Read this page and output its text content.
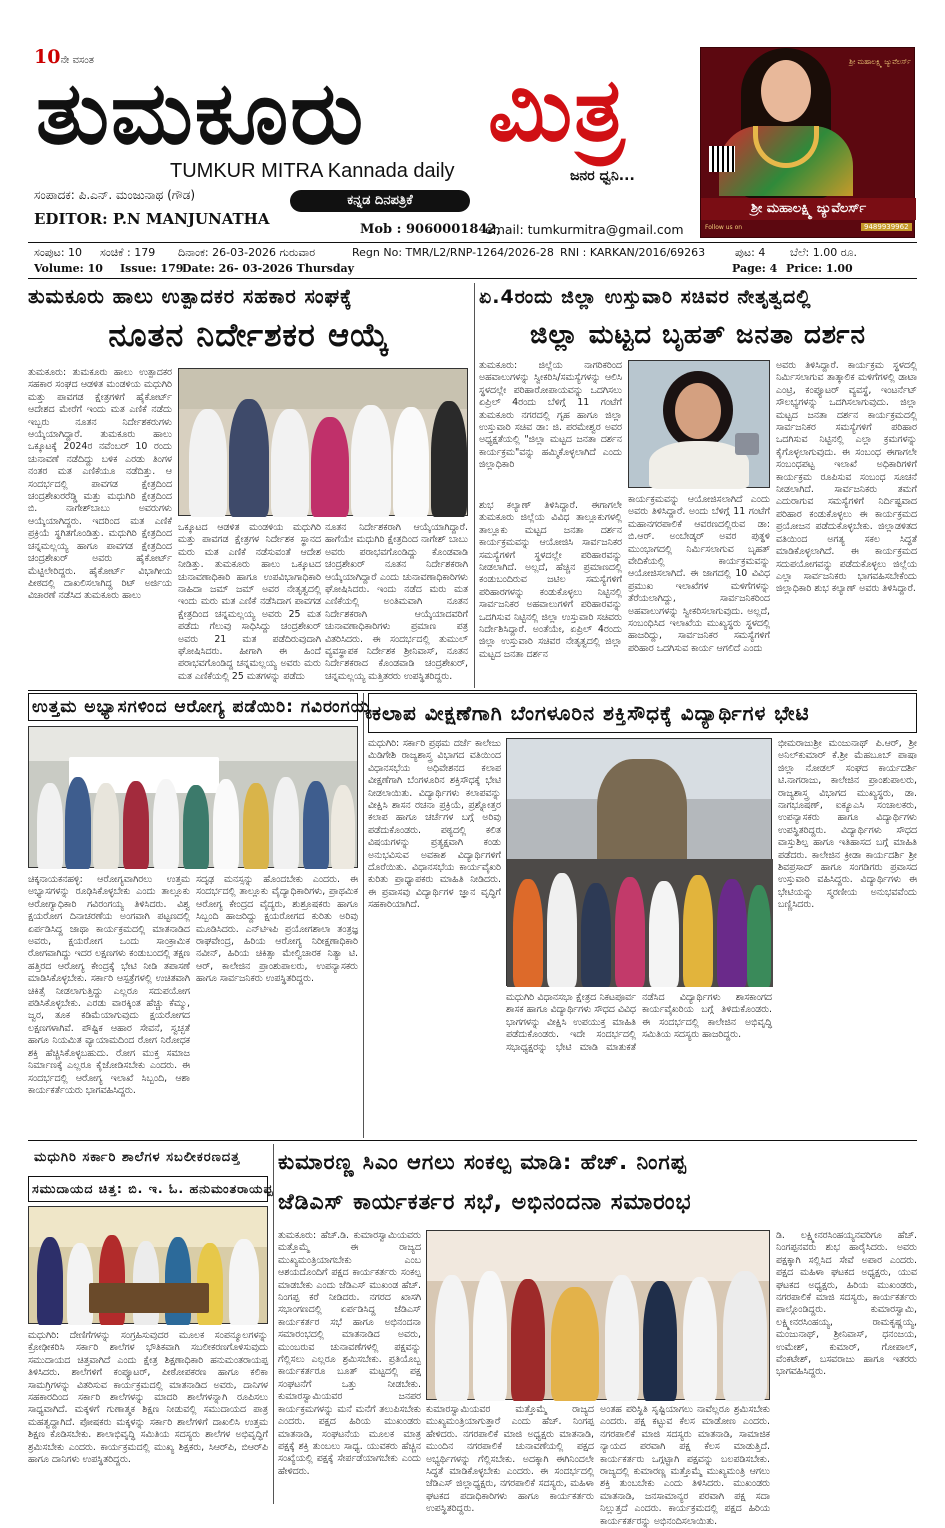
10ನೇ ವಸಂತ
ತುಮಕೂರು	ಮಿತ್ರ
TUMKUR MITRA Kannada daily	ಜನರ ಧ್ವನಿ...
ಸಂಪಾದಕ: ಪಿ.ಎನ್. ಮಂಜುನಾಥ (ಗೌಡ)
EDITOR: P.N MANJUNATHA
ಕನ್ನಡ ದಿನಪತ್ರಿಕೆ
Mob : 9060001842,
email: tumkurmitra@gmail.com
ಶ್ರೀ ಮಹಾಲಕ್ಷ್ಮಿ ಜ್ಯುವೆಲರ್ಸ್
ಶ್ರೀ ಮಹಾಲಕ್ಷ್ಮಿ ಜ್ಯುವೆಲರ್ಸ್
Follow us on	9489939962
ಸಂಪುಟ: 10 ಸಂಚಿಕೆ : 179 ದಿನಾಂಕ: 26-03-2026 ಗುರುವಾರ	Regn No: TMR/L2/RNP-1264/2026-28 RNI : KARKAN/2016/69263	ಪುಟ: 4 ಬೆಲೆ: 1.00 ರೂ.
Volume: 10 Issue: 179
Date: 26- 03-2026 Thursday	Page: 4 Price: 1.00
ತುಮಕೂರು ಹಾಲು ಉತ್ಪಾದಕರ ಸಹಕಾರ ಸಂಘಕ್ಕೆ
ನೂತನ ನಿರ್ದೇಶಕರ ಆಯ್ಕೆ
ತುಮಕೂರು: ತುಮಕೂರು ಹಾಲು ಉತ್ಪಾದಕರ ಸಹಕಾರ ಸಂಘದ ಆಡಳಿತ ಮಂಡಳಿಯ ಮಧುಗಿರಿ ಮತ್ತು ಪಾವಗಡ ಕ್ಷೇತ್ರಗಳಿಗೆ ಹೈಕೋರ್ಟ್ ಆದೇಶದ ಮೇರೆಗೆ ಇಂದು ಮತ ಎಣಿಕೆ ನಡೆದು ಇಬ್ಬರು ನೂತನ ನಿರ್ದೇಶಕರುಗಳು ಆಯ್ಕೆಯಾಗಿದ್ದಾರೆ. ತುಮಕೂರು ಹಾಲು ಒಕ್ಕೂಟಕ್ಕೆ 2024ರ ನವೆಂಬರ್ 10 ರಂದು ಚುನಾವಣೆ ನಡೆದಿದ್ದು ಬಳಿಕ ಎರಡು ತಿಂಗಳ ನಂತರ ಮತ ಎಣಿಕೆಯೂ ನಡೆದಿತ್ತು. ಆ ಸಂದರ್ಭದಲ್ಲಿ ಪಾವಗಡ ಕ್ಷೇತ್ರದಿಂದ ಚಂದ್ರಶೇಖರರೆಡ್ಡಿ ಮತ್ತು ಮಧುಗಿರಿ ಕ್ಷೇತ್ರದಿಂದ ಬಿ. ನಾಗೇಶ್‌ಬಾಬು ಅವರುಗಳು ಆಯ್ಕೆಯಾಗಿದ್ದರು. ಇದರಿಂದ ಮತ ಎಣಿಕೆ ಪ್ರಕ್ರಿಯೆ ಸ್ಥಗಿತಗೊಂಡಿತ್ತು. ಮಧುಗಿರಿ ಕ್ಷೇತ್ರದಿಂದ ಚನ್ನಮಲ್ಲಯ್ಯ ಹಾಗೂ ಪಾವಗಡ ಕ್ಷೇತ್ರದಿಂದ ಚಂದ್ರಶೇಖರ್ ಅವರು ಹೈಕೋರ್ಟ್ ಮೆಟ್ಟಿಲೇರಿದ್ದರು. ಹೈಕೋರ್ಟ್ ವಿಭಾಗೀಯ ಪೀಠದಲ್ಲಿ ದಾಖಲಿಸಲಾಗಿದ್ದ ರಿಟ್ ಅರ್ಜಿಯ ವಿಚಾರಣೆ ನಡೆಸಿದ ತುಮಕೂರು ಹಾಲು
ಒಕ್ಕೂಟದ ಆಡಳಿತ ಮಂಡಳಿಯ ಮಧುಗಿರಿ ಮತ್ತು ಪಾವಗಡ ಕ್ಷೇತ್ರಗಳ ನಿರ್ದೇಶಕ ಸ್ಥಾನದ ಮರು ಮತ ಎಣಿಕೆ ನಡೆಸುವಂತೆ ಆದೇಶ ನೀಡಿತ್ತು. ತುಮಕೂರು ಹಾಲು ಒಕ್ಕೂಟದ ಚುನಾವಣಾಧಿಕಾರಿ ಹಾಗೂ ಉಪವಿಭಾಗಾಧಿಕಾರಿ ನಾಹಿದಾ ಜಮ್ ಜಮ್ ಅವರ ನೇತೃತ್ವದಲ್ಲಿ ಇಂದು ಮರು ಮತ ಎಣಿಕೆ ನಡೆಸಿದಾಗ ಪಾವಗಡ ಕ್ಷೇತ್ರದಿಂದ ಚನ್ನಮಲ್ಲಯ್ಯ ಅವರು 25 ಮತ ಪಡೆದು ಗೆಲುವು ಸಾಧಿಸಿದ್ದು ಚಂದ್ರಶೇಖರ್ ಅವರು 21 ಮತ ಪಡೆದಿರುವುದಾಗಿ ಘೋಷಿಸಿದರು. ಹೀಗಾಗಿ ಈ ಹಿಂದೆ ಪರಾಭವಗೊಂಡಿದ್ದ ಚನ್ನಮಲ್ಲಯ್ಯ ಅವರು ಮರು ಮತ ಎಣಿಕೆಯಲ್ಲಿ 25 ಮತಗಳನ್ನು ಪಡೆದು
ನೂತನ ನಿರ್ದೇಶಕರಾಗಿ ಆಯ್ಕೆಯಾಗಿದ್ದಾರೆ. ಹಾಗೆಯೇ ಮಧುಗಿರಿ ಕ್ಷೇತ್ರದಿಂದ ನಾಗೇಶ್ ಬಾಬು ಅವರು ಪರಾಭವಗೊಂಡಿದ್ದು ಕೊಂಡವಾಡಿ ಚಂದ್ರಶೇಖರ್ ನೂತನ ನಿರ್ದೇಶಕರಾಗಿ ಆಯ್ಕೆಯಾಗಿದ್ದಾರೆ ಎಂದು ಚುನಾವಣಾಧಿಕಾರಿಗಳು ಘೋಷಿಸಿದರು. ಇಂದು ನಡೆದ ಮರು ಮತ ಎಣಿಕೆಯಲ್ಲಿ ಅಂತಿಮವಾಗಿ ನೂತನ ನಿರ್ದೇಶಕರಾಗಿ ಆಯ್ಕೆಯಾದವರಿಗೆ ಚುನಾವಣಾಧಿಕಾರಿಗಳು ಪ್ರಮಾಣ ಪತ್ರ ವಿತರಿಸಿದರು. ಈ ಸಂದರ್ಭದಲ್ಲಿ ತುಮುಲ್ ವ್ಯವಸ್ಥಾಪಕ ನಿರ್ದೇಶಕ ಶ್ರೀನಿವಾಸ್, ನೂತನ ನಿರ್ದೇಶಕರಾದ ಕೊಂಡವಾಡಿ ಚಂದ್ರಶೇಖರ್, ಚನ್ನಮಲ್ಲಯ್ಯ ಮತ್ತಿತರರು ಉಪಸ್ಥಿತರಿದ್ದರು.
ಏ.4ರಂದು ಜಿಲ್ಲಾ ಉಸ್ತುವಾರಿ ಸಚಿವರ ನೇತೃತ್ವದಲ್ಲಿ
ಜಿಲ್ಲಾ ಮಟ್ಟದ ಬೃಹತ್ ಜನತಾ ದರ್ಶನ
ತುಮಕೂರು: ಜಿಲ್ಲೆಯ ನಾಗರಿಕರಿಂದ ಅಹವಾಲುಗಳನ್ನು ಸ್ವೀಕರಿಸಿ/ಸಮಸ್ಯೆಗಳನ್ನು ಆಲಿಸಿ ಸ್ಥಳದಲ್ಲೇ ಪರಿಹಾರೋಪಾಯವನ್ನು ಒದಗಿಸಲು ಏಪ್ರಿಲ್ 4ರಂದು ಬೆಳಿಗ್ಗೆ 11 ಗಂಟೆಗೆ ತುಮಕೂರು ನಗರದಲ್ಲಿ ಗೃಹ ಹಾಗೂ ಜಿಲ್ಲಾ ಉಸ್ತುವಾರಿ ಸಚಿವ ಡಾ: ಜಿ. ಪರಮೇಶ್ವರ ಅವರ ಅಧ್ಯಕ್ಷತೆಯಲ್ಲಿ "ಜಿಲ್ಲಾ ಮಟ್ಟದ ಜನತಾ ದರ್ಶನ ಕಾರ್ಯಕ್ರಮ"ವನ್ನು ಹಮ್ಮಿಕೊಳ್ಳಲಾಗಿದೆ ಎಂದು ಜಿಲ್ಲಾಧಿಕಾರಿ
ಶುಭ ಕಲ್ಯಾಣ್ ತಿಳಿಸಿದ್ದಾರೆ. ಈಗಾಗಲೇ ತುಮಕೂರು ಜಿಲ್ಲೆಯ ವಿವಿಧ ತಾಲ್ಲೂಕುಗಳಲ್ಲಿ ತಾಲ್ಲೂಕು ಮಟ್ಟದ ಜನತಾ ದರ್ಶನ ಕಾರ್ಯಕ್ರಮವನ್ನು ಆಯೋಜಿಸಿ ಸಾರ್ವಜನಿಕರ ಸಮಸ್ಯೆಗಳಿಗೆ ಸ್ಥಳದಲ್ಲೇ ಪರಿಹಾರವನ್ನು ನೀಡಲಾಗಿದೆ. ಅಲ್ಲದೆ, ಹೆಚ್ಚಿನ ಪ್ರಮಾಣದಲ್ಲಿ ಕಂಡುಬಂದಿರುವ ಜಟಿಲ ಸಮಸ್ಯೆಗಳಿಗೆ ಪರಿಹಾರಗಳನ್ನು ಕಂಡುಕೊಳ್ಳಲು ನಿಟ್ಟಿನಲ್ಲಿ ಸಾರ್ವಜನಿಕರ ಅಹವಾಲುಗಳಿಗೆ ಪರಿಹಾರವನ್ನು ಒದಗಿಸುವ ನಿಟ್ಟಿನಲ್ಲಿ ಜಿಲ್ಲಾ ಉಸ್ತುವಾರಿ ಸಚಿವರು ನಿರ್ದೇಶಿಸಿದ್ದಾರೆ. ಅಂತೆಯೇ, ಏಪ್ರಿಲ್ 4ರಂದು ಜಿಲ್ಲಾ ಉಸ್ತುವಾರಿ ಸಚಿವರ ನೇತೃತ್ವದಲ್ಲಿ ಜಿಲ್ಲಾ ಮಟ್ಟದ ಜನತಾ ದರ್ಶನ
ಕಾರ್ಯಕ್ರಮವನ್ನು ಆಯೋಜಿಸಲಾಗಿದೆ ಎಂದು ಅವರು ತಿಳಿಸಿದ್ದಾರೆ. ಅಂದು ಬೆಳಿಗ್ಗೆ 11 ಗಂಟೆಗೆ ಮಹಾನಗರಪಾಲಿಕೆ ಆವರಣದಲ್ಲಿರುವ ಡಾ: ಬಿ.ಆರ್. ಅಂಬೇಡ್ಕರ್ ಅವರ ಪುತ್ಥಳಿ ಮುಂಭಾಗದಲ್ಲಿ ನಿರ್ಮಿಸಲಾಗುವ ಬೃಹತ್ ವೇದಿಕೆಯಲ್ಲಿ ಕಾರ್ಯಕ್ರಮವನ್ನು ಆಯೋಜಿಸಲಾಗಿದೆ. ಈ ಜಾಗದಲ್ಲಿ 10 ವಿವಿಧ ಪ್ರಮುಖ ಇಲಾಖೆಗಳ ಮಳಿಗೆಗಳನ್ನು ತೆರೆಯಲಾಗಿದ್ದು, ಸಾರ್ವಜನಿಕರಿಂದ ಅಹವಾಲುಗಳನ್ನು ಸ್ವೀಕರಿಸಲಾಗುವುದು. ಅಲ್ಲದೆ, ಸಂಬಂಧಿಸಿದ ಇಲಾಖೆಯ ಮುಖ್ಯಸ್ಥರು ಸ್ಥಳದಲ್ಲಿ ಹಾಜರಿದ್ದು, ಸಾರ್ವಜನಿಕರ ಸಮಸ್ಯೆಗಳಿಗೆ ಪರಿಹಾರ ಒದಗಿಸುವ ಕಾರ್ಯ ಆಗಲಿದೆ ಎಂದು
ಅವರು ತಿಳಿಸಿದ್ದಾರೆ. ಕಾರ್ಯಕ್ರಮ ಸ್ಥಳದಲ್ಲಿ ನಿರ್ಮಿಸಲಾಗುವ ತಾತ್ಕಾಲಿಕ ಮಳಿಗೆಗಳಲ್ಲಿ ಡಾಟಾ ಎಂಟ್ರಿ, ಕಂಪ್ಯೂಟರ್ ವ್ಯವಸ್ಥೆ, ಇಂಟರ್ನೆಟ್ ಸೌಲಭ್ಯಗಳನ್ನು ಒದಗಿಸಲಾಗುವುದು. ಜಿಲ್ಲಾ ಮಟ್ಟದ ಜನತಾ ದರ್ಶನ ಕಾರ್ಯಕ್ರಮದಲ್ಲಿ ಸಾರ್ವಜನಿಕರ ಸಮಸ್ಯೆಗಳಿಗೆ ಪರಿಹಾರ ಒದಗಿಸುವ ನಿಟ್ಟಿನಲ್ಲಿ ಎಲ್ಲಾ ಕ್ರಮಗಳನ್ನು ಕೈಗೊಳ್ಳಲಾಗುವುದು. ಈ ಸಂಬಂಧ ಈಗಾಗಲೇ ಸಂಬಂಧಪಟ್ಟ ಇಲಾಖೆ ಅಧಿಕಾರಿಗಳಿಗೆ ಕಾರ್ಯಕ್ರಮ ರೂಪಿಸುವ ಸಂಬಂಧ ಸೂಚನೆ ನೀಡಲಾಗಿದೆ. ಸಾರ್ವಜನಿಕರು ತಮಗೆ ಎದುರಾಗುವ ಸಮಸ್ಯೆಗಳಿಗೆ ನಿರ್ದಿಷ್ಟವಾದ ಪರಿಹಾರ ಕಂಡುಕೊಳ್ಳಲು ಈ ಕಾರ್ಯಕ್ರಮದ ಪ್ರಯೋಜನ ಪಡೆದುಕೊಳ್ಳಬೇಕು. ಜಿಲ್ಲಾಡಳಿತದ ವತಿಯಿಂದ ಅಗತ್ಯ ಸಕಲ ಸಿದ್ಧತೆ ಮಾಡಿಕೊಳ್ಳಲಾಗಿದೆ. ಈ ಕಾರ್ಯಕ್ರಮದ ಸದುಪಯೋಗವನ್ನು ಪಡೆದುಕೊಳ್ಳಲು ಜಿಲ್ಲೆಯ ಎಲ್ಲಾ ಸಾರ್ವಜನಿಕರು ಭಾಗವಹಿಸಬೇಕೆಂದು ಜಿಲ್ಲಾಧಿಕಾರಿ ಶುಭ ಕಲ್ಯಾಣ್ ಅವರು ತಿಳಿಸಿದ್ದಾರೆ.
ಉತ್ತಮ ಅಭ್ಯಾಸಗಳಿಂದ ಆರೋಗ್ಯ ಪಡೆಯಿರಿ: ಗವಿರಂಗಯ್ಯ
ಚಿಕ್ಕನಾಯಕನಹಳ್ಳಿ: ಆರೋಗ್ಯವಾಗಿರಲು ಉತ್ತಮ ಅಭ್ಯಾಸಗಳನ್ನು ರೂಢಿಸಿಕೊಳ್ಳಬೇಕು ಎಂದು ತಾಲ್ಲೂಕು ಆರೋಗ್ಯಾಧಿಕಾರಿ ಗವಿರಂಗಯ್ಯ ತಿಳಿಸಿದರು. ವಿಶ್ವ ಕ್ಷಯರೋಗ ದಿನಾಚರಣೆಯ ಅಂಗವಾಗಿ ಪಟ್ಟಣದಲ್ಲಿ ಏರ್ಪಡಿಸಿದ್ದ ಜಾಥಾ ಕಾರ್ಯಕ್ರಮದಲ್ಲಿ ಮಾತನಾಡಿದ ಅವರು, ಕ್ಷಯರೋಗ ಒಂದು ಸಾಂಕ್ರಾಮಿಕ ರೋಗವಾಗಿದ್ದು ಇದರ ಲಕ್ಷಣಗಳು ಕಂಡುಬಂದಲ್ಲಿ ತಕ್ಷಣ ಹತ್ತಿರದ ಆರೋಗ್ಯ ಕೇಂದ್ರಕ್ಕೆ ಭೇಟಿ ನೀಡಿ ತಪಾಸಣೆ ಮಾಡಿಸಿಕೊಳ್ಳಬೇಕು. ಸರ್ಕಾರಿ ಆಸ್ಪತ್ರೆಗಳಲ್ಲಿ ಉಚಿತವಾಗಿ ಚಿಕಿತ್ಸೆ ನೀಡಲಾಗುತ್ತಿದ್ದು ಎಲ್ಲರೂ ಸದುಪಯೋಗ ಪಡಿಸಿಕೊಳ್ಳಬೇಕು. ಎರಡು ವಾರಕ್ಕಿಂತ ಹೆಚ್ಚು ಕೆಮ್ಮು, ಜ್ವರ, ತೂಕ ಕಡಿಮೆಯಾಗುವುದು ಕ್ಷಯರೋಗದ ಲಕ್ಷಣಗಳಾಗಿವೆ. ಪೌಷ್ಟಿಕ ಆಹಾರ ಸೇವನೆ, ಸ್ವಚ್ಛತೆ ಹಾಗೂ ನಿಯಮಿತ ವ್ಯಾಯಾಮದಿಂದ ರೋಗ ನಿರೋಧಕ ಶಕ್ತಿ ಹೆಚ್ಚಿಸಿಕೊಳ್ಳಬಹುದು. ರೋಗ ಮುಕ್ತ ಸಮಾಜ ನಿರ್ಮಾಣಕ್ಕೆ ಎಲ್ಲರೂ ಕೈಜೋಡಿಸಬೇಕು ಎಂದರು. ಈ ಸಂದರ್ಭದಲ್ಲಿ ಆರೋಗ್ಯ ಇಲಾಖೆ ಸಿಬ್ಬಂದಿ, ಆಶಾ ಕಾರ್ಯಕರ್ತೆಯರು ಭಾಗವಹಿಸಿದ್ದರು.
ಸದೃಢ ಮನಸ್ಸನ್ನು ಹೊಂದಬೇಕು ಎಂದರು. ಈ ಸಂದರ್ಭದಲ್ಲಿ ತಾಲ್ಲೂಕು ವೈದ್ಯಾಧಿಕಾರಿಗಳು, ಪ್ರಾಥಮಿಕ ಆರೋಗ್ಯ ಕೇಂದ್ರದ ವೈದ್ಯರು, ಶುಶ್ರೂಷಕರು ಹಾಗೂ ಸಿಬ್ಬಂದಿ ಹಾಜರಿದ್ದು ಕ್ಷಯರೋಗದ ಕುರಿತು ಅರಿವು ಮೂಡಿಸಿದರು. ಎನ್‌ಟಿಇಪಿ ಪ್ರಯೋಗಶಾಲಾ ತಂತ್ರಜ್ಞ ರಾಘವೇಂದ್ರ, ಹಿರಿಯ ಆರೋಗ್ಯ ನಿರೀಕ್ಷಣಾಧಿಕಾರಿ ನವೀನ್, ಹಿರಿಯ ಚಿಕಿತ್ಸಾ ಮೇಲ್ವಿಚಾರಕ ನಿತ್ಯಾ ಟಿ. ಆರ್, ಕಾಲೇಜಿನ ಪ್ರಾಂಶುಪಾಲರು, ಉಪನ್ಯಾಸಕರು ಹಾಗೂ ಸಾರ್ವಜನಿಕರು ಉಪಸ್ಥಿತರಿದ್ದರು.
ಕಲಾಪ ವೀಕ್ಷಣೆಗಾಗಿ ಬೆಂಗಳೂರಿನ ಶಕ್ತಿಸೌಧಕ್ಕೆ ವಿದ್ಯಾರ್ಥಿಗಳ ಭೇಟಿ
ಮಧುಗಿರಿ: ಸರ್ಕಾರಿ ಪ್ರಥಮ ದರ್ಜೆ ಕಾಲೇಜು ಮಿಡಿಗೇಶಿ ರಾಜ್ಯಶಾಸ್ತ್ರ ವಿಭಾಗದ ವತಿಯಿಂದ ವಿಧಾನಸಭೆಯ ಅಧಿವೇಶನದ ಕಲಾಪ ವೀಕ್ಷಣೆಗಾಗಿ ಬೆಂಗಳೂರಿನ ಶಕ್ತಿಸೌಧಕ್ಕೆ ಭೇಟಿ ನೀಡಲಾಯಿತು. ವಿದ್ಯಾರ್ಥಿಗಳು ಕಲಾಪವನ್ನು ವೀಕ್ಷಿಸಿ ಶಾಸನ ರಚನಾ ಪ್ರಕ್ರಿಯೆ, ಪ್ರಶ್ನೋತ್ತರ ಕಲಾಪ ಹಾಗೂ ಚರ್ಚೆಗಳ ಬಗ್ಗೆ ಅರಿವು ಪಡೆದುಕೊಂಡರು. ಪಠ್ಯದಲ್ಲಿ ಕಲಿತ ವಿಷಯಗಳನ್ನು ಪ್ರತ್ಯಕ್ಷವಾಗಿ ಕಂಡು ಅನುಭವಿಸುವ ಅವಕಾಶ ವಿದ್ಯಾರ್ಥಿಗಳಿಗೆ ದೊರೆಯಿತು. ವಿಧಾನಸಭೆಯ ಕಾರ್ಯವೈಖರಿ ಕುರಿತು ಪ್ರಾಧ್ಯಾಪಕರು ಮಾಹಿತಿ ನೀಡಿದರು. ಈ ಪ್ರವಾಸವು ವಿದ್ಯಾರ್ಥಿಗಳ ಜ್ಞಾನ ವೃದ್ಧಿಗೆ ಸಹಕಾರಿಯಾಗಿದೆ.
ಮಧುಗಿರಿ ವಿಧಾನಸಭಾ ಕ್ಷೇತ್ರದ ನಿಕಟಪೂರ್ವ ಶಾಸಕ ಹಾಗೂ ವಿದ್ಯಾರ್ಥಿಗಳು ಸೌಧದ ವಿವಿಧ ಭಾಗಗಳನ್ನು ವೀಕ್ಷಿಸಿ ಉಪಯುಕ್ತ ಮಾಹಿತಿ ಪಡೆದುಕೊಂಡರು. ಇದೇ ಸಂದರ್ಭದಲ್ಲಿ ಸಭಾಧ್ಯಕ್ಷರನ್ನು ಭೇಟಿ ಮಾಡಿ ಮಾತುಕತೆ ನಡೆಸಿದ ವಿದ್ಯಾರ್ಥಿಗಳು ಶಾಸಕಾಂಗದ ಕಾರ್ಯವೈಖರಿಯ ಬಗ್ಗೆ ತಿಳಿದುಕೊಂಡರು. ಈ ಸಂದರ್ಭದಲ್ಲಿ ಕಾಲೇಜಿನ ಅಭಿವೃದ್ಧಿ ಸಮಿತಿಯ ಸದಸ್ಯರು ಹಾಜರಿದ್ದರು.
ಭೀಮರಾಜುಶ್ರೀ ಮಂಜುನಾಥ್ ಪಿ.ಆರ್, ಶ್ರೀ ಅನಿಲ್‌ಕುಮಾರ್ ಕೆ.ಶ್ರೀ ಮೆಹಬೂಬ್ ಪಾಷಾ ಜಿಲ್ಲಾ ನೋಡಲ್ ಸಂಘದ ಕಾರ್ಯದರ್ಶಿ ಟಿ.ನಾಗರಾಜು, ಕಾಲೇಜಿನ ಪ್ರಾಂಶುಪಾಲರು, ರಾಜ್ಯಶಾಸ್ತ್ರ ವಿಭಾಗದ ಮುಖ್ಯಸ್ಥರು, ಡಾ. ನಾಗಭೂಷಣ್, ಐಕ್ಯೂಎಸಿ ಸಂಚಾಲಕರು, ಉಪನ್ಯಾಸಕರು ಹಾಗೂ ವಿದ್ಯಾರ್ಥಿಗಳು ಉಪಸ್ಥಿತರಿದ್ದರು. ವಿದ್ಯಾರ್ಥಿಗಳು ಸೌಧದ ವಾಸ್ತುಶಿಲ್ಪ ಹಾಗೂ ಇತಿಹಾಸದ ಬಗ್ಗೆ ಮಾಹಿತಿ ಪಡೆದರು. ಕಾಲೇಜಿನ ಕ್ರೀಡಾ ಕಾರ್ಯದರ್ಶಿ ಶ್ರೀ ಶಿವಪ್ರಸಾದ್ ಹಾಗೂ ಸಂಗಡಿಗರು ಪ್ರವಾಸದ ಉಸ್ತುವಾರಿ ವಹಿಸಿದ್ದರು. ವಿದ್ಯಾರ್ಥಿಗಳು ಈ ಭೇಟಿಯನ್ನು ಸ್ಮರಣೀಯ ಅನುಭವವೆಂದು ಬಣ್ಣಿಸಿದರು.
ಮಧುಗಿರಿ ಸರ್ಕಾರಿ ಶಾಲೆಗಳ ಸಬಲೀಕರಣದತ್ತ
ಸಮುದಾಯದ ಚಿತ್ತ: ಬಿ. ಇ. ಓ. ಹನುಮಂತರಾಯಪ್ಪ
ಮಧುಗಿರಿ: ದೇಣಿಗೆಗಳನ್ನು ಸಂಗ್ರಹಿಸುವುದರ ಮೂಲಕ ಸಂಪನ್ಮೂಲಗಳನ್ನು ಕ್ರೋಢೀಕರಿಸಿ ಸರ್ಕಾರಿ ಶಾಲೆಗಳ ಭೌತಿಕವಾಗಿ ಸಬಲೀಕರಣಗೊಳಿಸುವುದು ಸಮುದಾಯದ ಚಿತ್ತವಾಗಿದೆ ಎಂದು ಕ್ಷೇತ್ರ ಶಿಕ್ಷಣಾಧಿಕಾರಿ ಹನುಮಂತರಾಯಪ್ಪ ತಿಳಿಸಿದರು. ಶಾಲೆಗಳಿಗೆ ಕಂಪ್ಯೂಟರ್, ಪೀಠೋಪಕರಣ ಹಾಗೂ ಕಲಿಕಾ ಸಾಮಗ್ರಿಗಳನ್ನು ವಿತರಿಸುವ ಕಾರ್ಯಕ್ರಮದಲ್ಲಿ ಮಾತನಾಡಿದ ಅವರು, ದಾನಿಗಳ ಸಹಕಾರದಿಂದ ಸರ್ಕಾರಿ ಶಾಲೆಗಳನ್ನು ಮಾದರಿ ಶಾಲೆಗಳನ್ನಾಗಿ ರೂಪಿಸಲು ಸಾಧ್ಯವಾಗಿದೆ. ಮಕ್ಕಳಿಗೆ ಗುಣಾತ್ಮಕ ಶಿಕ್ಷಣ ನೀಡುವಲ್ಲಿ ಸಮುದಾಯದ ಪಾತ್ರ ಮಹತ್ವದ್ದಾಗಿದೆ. ಪೋಷಕರು ಮಕ್ಕಳನ್ನು ಸರ್ಕಾರಿ ಶಾಲೆಗಳಿಗೆ ದಾಖಲಿಸಿ ಉತ್ತಮ ಶಿಕ್ಷಣ ಕೊಡಿಸಬೇಕು. ಶಾಲಾಭಿವೃದ್ಧಿ ಸಮಿತಿಯ ಸದಸ್ಯರು ಶಾಲೆಗಳ ಅಭಿವೃದ್ಧಿಗೆ ಶ್ರಮಿಸಬೇಕು ಎಂದರು. ಕಾರ್ಯಕ್ರಮದಲ್ಲಿ ಮುಖ್ಯ ಶಿಕ್ಷಕರು, ಸಿಆರ್‌ಪಿ, ಬಿಆರ್‌ಪಿ ಹಾಗೂ ದಾನಿಗಳು ಉಪಸ್ಥಿತರಿದ್ದರು.
ಕುಮಾರಣ್ಣ ಸಿಎಂ ಆಗಲು ಸಂಕಲ್ಪ ಮಾಡಿ: ಹೆಚ್. ನಿಂಗಪ್ಪ
ಜೆಡಿಎಸ್ ಕಾರ್ಯಕರ್ತರ ಸಭೆ, ಅಭಿನಂದನಾ ಸಮಾರಂಭ
ತುಮಕೂರು: ಹೆಚ್.ಡಿ. ಕುಮಾರಸ್ವಾಮಿಯವರು ಮತ್ತೊಮ್ಮೆ ಈ ರಾಜ್ಯದ ಮುಖ್ಯಮಂತ್ರಿಯಾಗಬೇಕು ಎಂಬ ಆಶಯದೊಂದಿಗೆ ಪಕ್ಷದ ಕಾರ್ಯಕರ್ತರು ಸಂಕಲ್ಪ ಮಾಡಬೇಕು ಎಂದು ಜೆಡಿಎಸ್ ಮುಖಂಡ ಹೆಚ್. ನಿಂಗಪ್ಪ ಕರೆ ನೀಡಿದರು. ನಗರದ ಖಾಸಗಿ ಸಭಾಂಗಣದಲ್ಲಿ ಏರ್ಪಡಿಸಿದ್ದ ಜೆಡಿಎಸ್ ಕಾರ್ಯಕರ್ತರ ಸಭೆ ಹಾಗೂ ಅಭಿನಂದನಾ ಸಮಾರಂಭದಲ್ಲಿ ಮಾತನಾಡಿದ ಅವರು, ಮುಂಬರುವ ಚುನಾವಣೆಗಳಲ್ಲಿ ಪಕ್ಷವನ್ನು ಗೆಲ್ಲಿಸಲು ಎಲ್ಲರೂ ಶ್ರಮಿಸಬೇಕು. ಪ್ರತಿಯೊಬ್ಬ ಕಾರ್ಯಕರ್ತರೂ ಬೂತ್ ಮಟ್ಟದಲ್ಲಿ ಪಕ್ಷ ಸಂಘಟನೆಗೆ ಒತ್ತು ನೀಡಬೇಕು. ಕುಮಾರಸ್ವಾಮಿಯವರ ಜನಪರ ಕಾರ್ಯಕ್ರಮಗಳನ್ನು ಮನೆ ಮನೆಗೆ ತಲುಪಿಸಬೇಕು ಎಂದರು. ಪಕ್ಷದ ಹಿರಿಯ ಮುಖಂಡರು ಮಾತನಾಡಿ, ಸಂಘಟನೆಯ ಮೂಲಕ ಮಾತ್ರ ಪಕ್ಷಕ್ಕೆ ಶಕ್ತಿ ತುಂಬಲು ಸಾಧ್ಯ. ಯುವಕರು ಹೆಚ್ಚಿನ ಸಂಖ್ಯೆಯಲ್ಲಿ ಪಕ್ಷಕ್ಕೆ ಸೇರ್ಪಡೆಯಾಗಬೇಕು ಎಂದು ಹೇಳಿದರು.
ಕುಮಾರಸ್ವಾಮಿಯವರ ಮತ್ತೊಮ್ಮೆ ರಾಜ್ಯದ ಮುಖ್ಯಮಂತ್ರಿಯಾಗುತ್ತಾರೆ ಎಂದು ಹೆಚ್. ನಿಂಗಪ್ಪ ಹೇಳಿದರು. ನಗರಪಾಲಿಕೆ ಮಾಜಿ ಅಧ್ಯಕ್ಷರು ಮಾತನಾಡಿ, ಮುಂದಿನ ನಗರಪಾಲಿಕೆ ಚುನಾವಣೆಯಲ್ಲಿ ಪಕ್ಷದ ಅಭ್ಯರ್ಥಿಗಳನ್ನು ಗೆಲ್ಲಿಸಬೇಕು. ಅದಕ್ಕಾಗಿ ಈಗಿನಿಂದಲೇ ಸಿದ್ಧತೆ ಮಾಡಿಕೊಳ್ಳಬೇಕು ಎಂದರು. ಈ ಸಂದರ್ಭದಲ್ಲಿ ಜೆಡಿಎಸ್ ಜಿಲ್ಲಾಧ್ಯಕ್ಷರು, ನಗರಪಾಲಿಕೆ ಸದಸ್ಯರು, ಮಹಿಳಾ ಘಟಕದ ಪದಾಧಿಕಾರಿಗಳು ಹಾಗೂ ಕಾರ್ಯಕರ್ತರು ಉಪಸ್ಥಿತರಿದ್ದರು.
ಅಂತಹ ಪರಿಸ್ಥಿತಿ ಸೃಷ್ಟಿಯಾಗಲು ನಾವೆಲ್ಲರೂ ಶ್ರಮಿಸಬೇಕು ಎಂದರು. ಪಕ್ಷ ಕಟ್ಟುವ ಕೆಲಸ ಮಾಡೋಣ ಎಂದರು. ನಗರಪಾಲಿಕೆ ಮಾಜಿ ಸದಸ್ಯರು ಮಾತನಾಡಿ, ಸಾಮಾಜಿಕ ನ್ಯಾಯದ ಪರವಾಗಿ ಪಕ್ಷ ಕೆಲಸ ಮಾಡುತ್ತಿದೆ. ಕಾರ್ಯಕರ್ತರು ಒಗ್ಗಟ್ಟಾಗಿ ಪಕ್ಷವನ್ನು ಬಲಪಡಿಸಬೇಕು. ರಾಜ್ಯದಲ್ಲಿ ಕುಮಾರಣ್ಣ ಮತ್ತೊಮ್ಮೆ ಮುಖ್ಯಮಂತ್ರಿ ಆಗಲು ಶಕ್ತಿ ತುಂಬಬೇಕು ಎಂದು ತಿಳಿಸಿದರು. ಮುಖಂಡರು ಮಾತನಾಡಿ, ಜನಸಾಮಾನ್ಯರ ಪರವಾಗಿ ಪಕ್ಷ ಸದಾ ನಿಲ್ಲುತ್ತದೆ ಎಂದರು. ಕಾರ್ಯಕ್ರಮದಲ್ಲಿ ಪಕ್ಷದ ಹಿರಿಯ ಕಾರ್ಯಕರ್ತರನ್ನು ಅಭಿನಂದಿಸಲಾಯಿತು.
ಡಿ. ಲಕ್ಷ್ಮೀನರಸಿಂಹಯ್ಯನವರಿಗೂ ಹೆಚ್. ನಿಂಗಪ್ಪನವರು ಶುಭ ಹಾರೈಸಿದರು. ಅವರು ಪಕ್ಷಕ್ಕಾಗಿ ಸಲ್ಲಿಸಿದ ಸೇವೆ ಅಪಾರ ಎಂದರು. ಪಕ್ಷದ ಮಹಿಳಾ ಘಟಕದ ಅಧ್ಯಕ್ಷರು, ಯುವ ಘಟಕದ ಅಧ್ಯಕ್ಷರು, ಹಿರಿಯ ಮುಖಂಡರು, ನಗರಪಾಲಿಕೆ ಮಾಜಿ ಸದಸ್ಯರು, ಕಾರ್ಯಕರ್ತರು ಪಾಲ್ಗೊಂಡಿದ್ದರು. ಕುಮಾರಸ್ವಾಮಿ, ಲಕ್ಷ್ಮೀನರಸಿಂಹಯ್ಯ, ರಾಮಕೃಷ್ಣಯ್ಯ, ಮಂಜುನಾಥ್, ಶ್ರೀನಿವಾಸ್, ಧನಂಜಯ, ಉಮೇಶ್, ಕುಮಾರ್, ಗೋಪಾಲ್, ವೆಂಕಟೇಶ್, ಬಸವರಾಜು ಹಾಗೂ ಇತರರು ಭಾಗವಹಿಸಿದ್ದರು.
